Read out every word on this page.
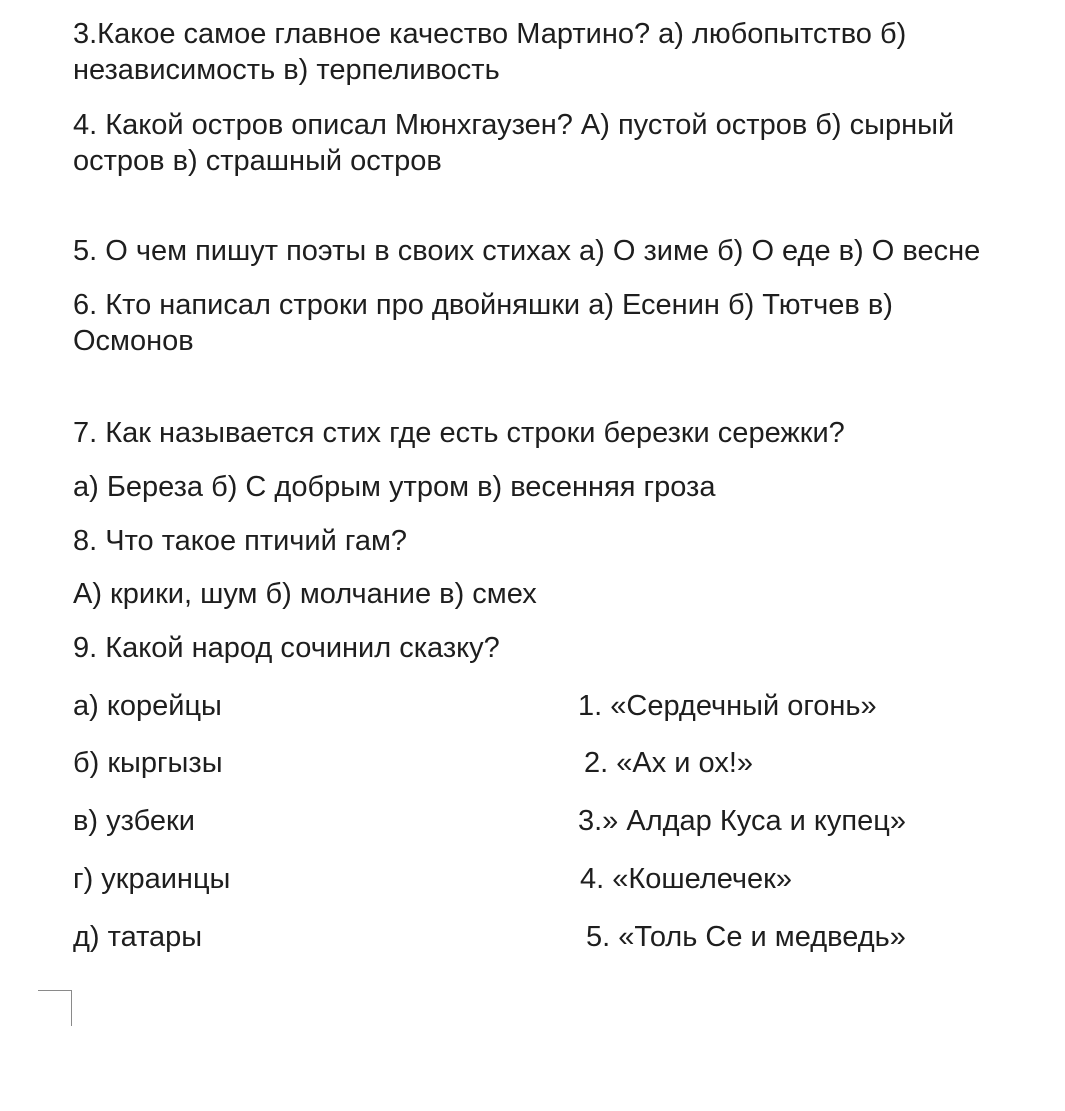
3.Какое самое главное качество Мартино? а) любопытство б)
независимость в) терпеливость
4. Какой остров описал Мюнхгаузен? А) пустой остров б) сырный
остров в) страшный остров
5. О чем пишут поэты в своих стихах а) О зиме б) О еде в) О весне
6. Кто написал строки про двойняшки а) Есенин б) Тютчев в)
Осмонов
7. Как называется стих где есть строки березки сережки?
а) Береза б) С добрым утром в) весенняя гроза
8. Что такое птичий гам?
А) крики, шум б) молчание в) смех
9. Какой народ сочинил сказку?
а) корейцы
б) кыргызы
в) узбеки
г) украинцы
д) татары
1. «Сердечный огонь»
2. «Ах и ох!»
3.» Алдар Куса и купец»
4. «Кошелечек»
5. «Толь Се и медведь»
